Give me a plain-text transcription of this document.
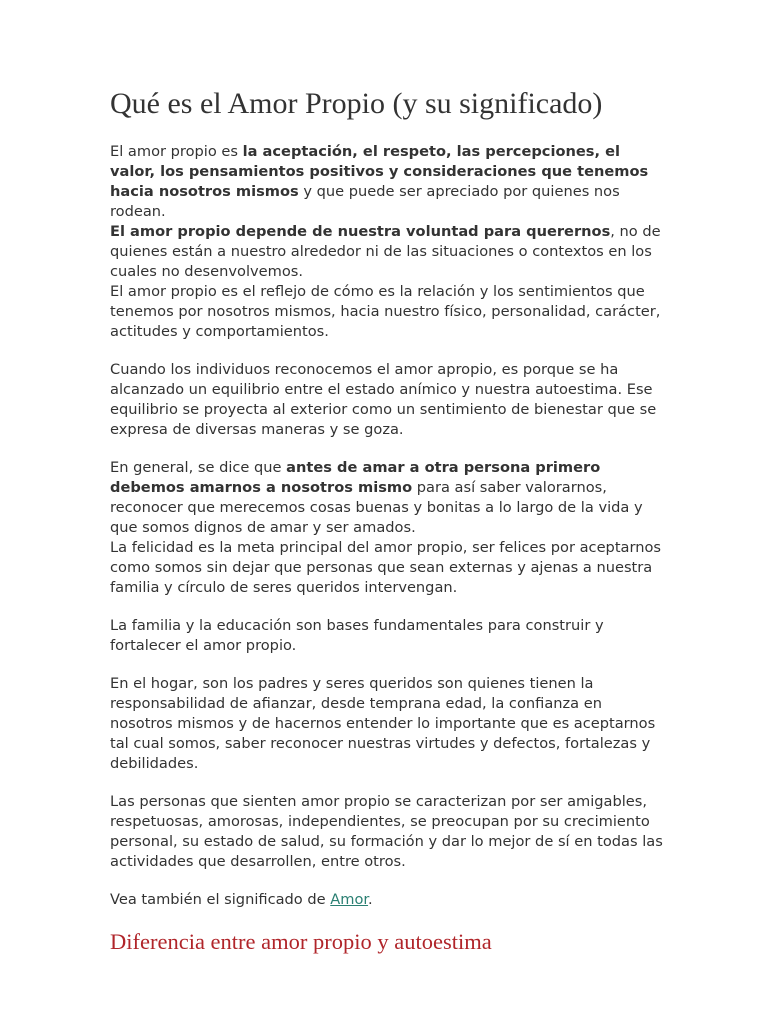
Qué es el Amor Propio (y su significado)

El amor propio es la aceptación, el respeto, las percepciones, el valor, los pensamientos positivos y consideraciones que tenemos hacia nosotros mismos y que puede ser apreciado por quienes nos rodean.
El amor propio depende de nuestra voluntad para querernos, no de quienes están a nuestro alrededor ni de las situaciones o contextos en los cuales no desenvolvemos.
El amor propio es el reflejo de cómo es la relación y los sentimientos que tenemos por nosotros mismos, hacia nuestro físico, personalidad, carácter, actitudes y comportamientos.

Cuando los individuos reconocemos el amor apropio, es porque se ha alcanzado un equilibrio entre el estado anímico y nuestra autoestima. Ese equilibrio se proyecta al exterior como un sentimiento de bienestar que se expresa de diversas maneras y se goza.

En general, se dice que antes de amar a otra persona primero debemos amarnos a nosotros mismo para así saber valorarnos, reconocer que merecemos cosas buenas y bonitas a lo largo de la vida y que somos dignos de amar y ser amados.
La felicidad es la meta principal del amor propio, ser felices por aceptarnos como somos sin dejar que personas que sean externas y ajenas a nuestra familia y círculo de seres queridos intervengan.

La familia y la educación son bases fundamentales para construir y fortalecer el amor propio.

En el hogar, son los padres y seres queridos son quienes tienen la responsabilidad de afianzar, desde temprana edad, la confianza en nosotros mismos y de hacernos entender lo importante que es aceptarnos tal cual somos, saber reconocer nuestras virtudes y defectos, fortalezas y debilidades.

Las personas que sienten amor propio se caracterizan por ser amigables, respetuosas, amorosas, independientes, se preocupan por su crecimiento personal, su estado de salud, su formación y dar lo mejor de sí en todas las actividades que desarrollen, entre otros.

Vea también el significado de Amor.

Diferencia entre amor propio y autoestima
